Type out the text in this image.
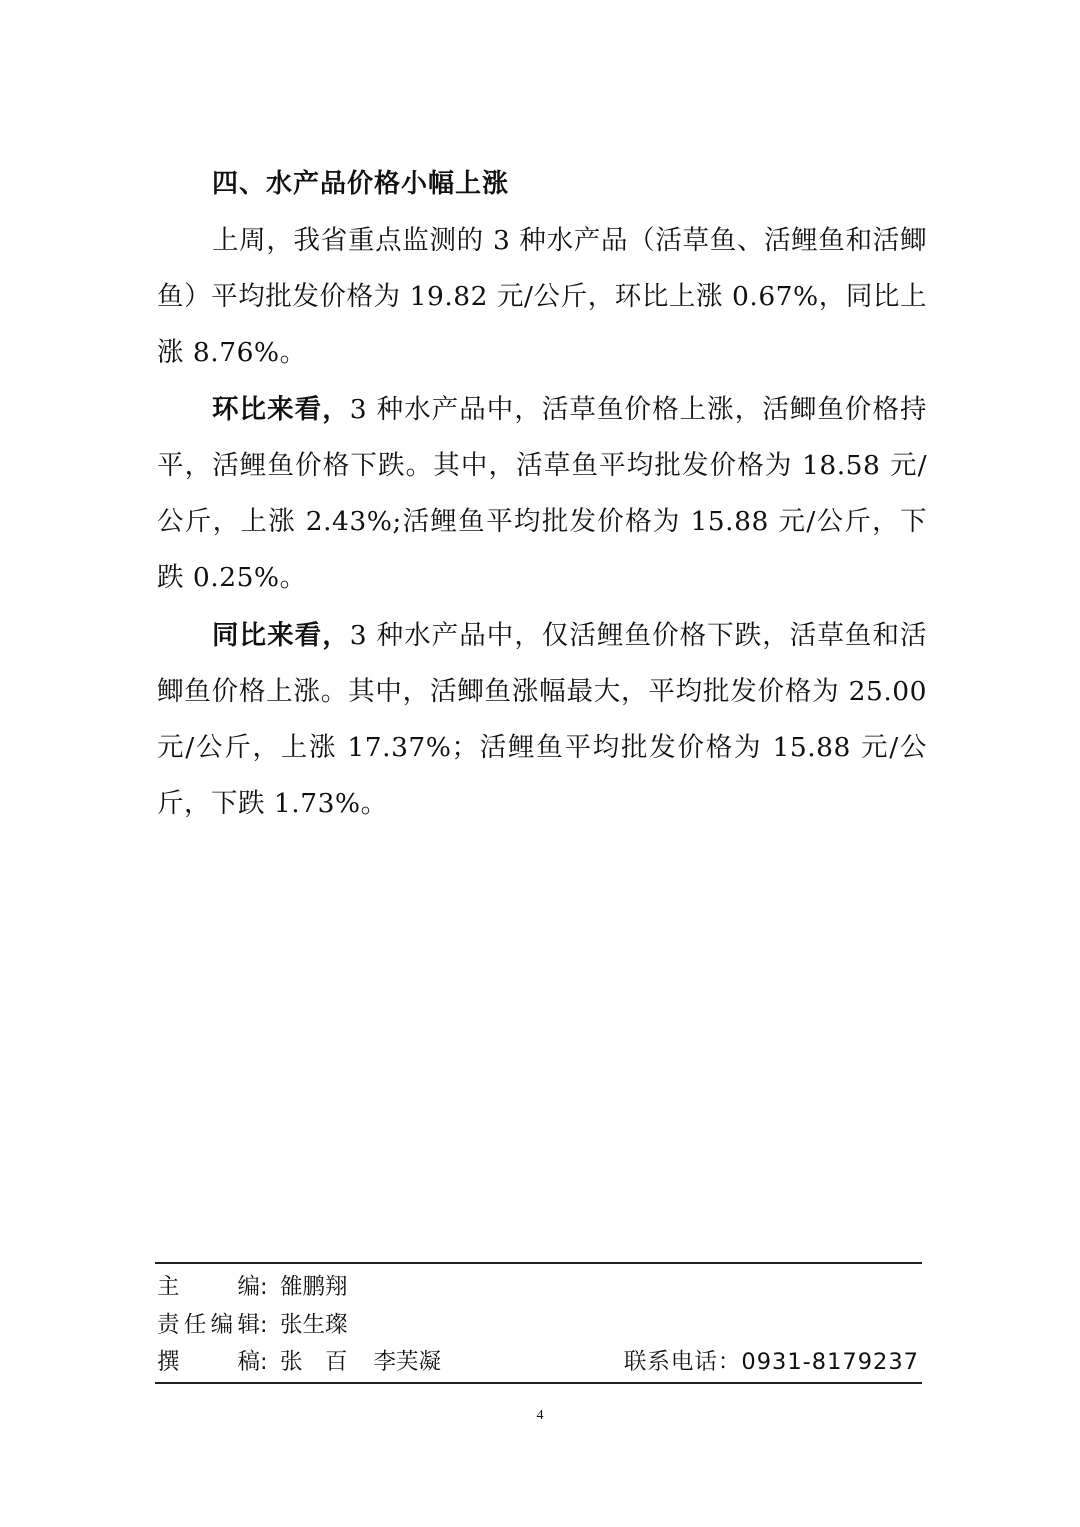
四、水产品价格小幅上涨

上周，我省重点监测的 3 种水产品（活草鱼、活鲤鱼和活鲫鱼）平均批发价格为 19.82 元/公斤，环比上涨 0.67%，同比上涨 8.76%。

环比来看，3 种水产品中，活草鱼价格上涨，活鲫鱼价格持平，活鲤鱼价格下跌。其中，活草鱼平均批发价格为 18.58 元/公斤，上涨 2.43%;活鲤鱼平均批发价格为 15.88 元/公斤，下跌 0.25%。

同比来看，3 种水产品中，仅活鲤鱼价格下跌，活草鱼和活鲫鱼价格上涨。其中，活鲫鱼涨幅最大，平均批发价格为 25.00 元/公斤，上涨 17.37%；活鲤鱼平均批发价格为 15.88 元/公斤，下跌 1.73%。

主编: 雒鹏翔
责任编辑: 张生璨
撰稿: 张　百 李芙凝	联系电话：0931-8179237
4
